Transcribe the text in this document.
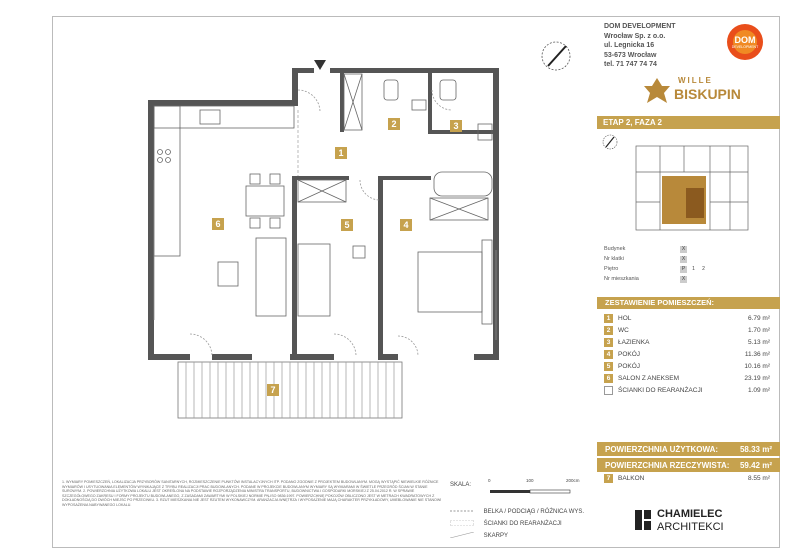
1
2	3
4
5
6
7
DOM DEVELOPMENT
Wrocław Sp. z o.o.
ul. Legnicka 16
53-673 Wrocław
tel. 71 747 74 74
DOM
DEVELOPMENT
WILLE
BISKUPIN
ETAP 2, FAZA 2
Budynek	X
Nr klatki	X
Piętro	P	1	2
Nr mieszkania	X
ZESTAWIENIE POMIESZCZEŃ:
1	HOL	6.79 m²
2	WC	1.70 m²
3	ŁAZIENKA	5.13 m²
4	POKÓJ	11.36 m²
5	POKÓJ	10.16 m²
6	SALON Z ANEKSEM	23.19 m²
ŚCIANKI DO REARANŻACJI	1.09 m²
POWIERZCHNIA UŻYTKOWA:	58.33 m²
POWIERZCHNIA RZECZYWISTA: 59.42 m²
7	BALKON	8.55 m²
1. WYMIARY POMIESZCZEŃ, LOKALIZACJA PRZYBORÓW SANITARNYCH, ROZMIESZCZENIE PUNKTÓW INSTALACYJNYCH ITP. PODANO ZGODNIE Z PROJEKTEM BUDOWLANYM. MOGĄ WYSTĄPIĆ NIEWIELKIE RÓŻNICE WYMIARÓW I USYTUOWANIA ELEMENTÓW WYNIKAJĄCE Z TRYBU REALIZACJI PRAC BUDOWLANYCH. PODANE W PROJEKCIE BUDOWLANYM WYMIARY SĄ WYMIARAMI W ŚWIETLE PRZEGRÓD ŚCIAN W STANIE SUROWYM. 2. POWIERZCHNIA UŻYTKOWA LOKALU JEST OKREŚLONA NA PODSTAWIE ROZPORZĄDZENIA MINISTRA TRANSPORTU, BUDOWNICTWA I GOSPODARKI MORSKIEJ Z 25.04.2012 R. W SPRAWIE SZCZEGÓŁOWEGO ZAKRESU I FORMY PROJEKTU BUDOWLANEGO, Z ZASADAMI ZAWARTYMI W POLSKIEJ NORMIE PN-ISO 9836:1997. POWIERZCHNIĘ POKOJÓW OBLICZONO JEST W METRACH KWADRATOWYCH Z DOKŁADNOŚCIĄ DO DWÓCH MIEJSC PO PRZECINKU. 3. RZUT MIESZKANIA NIE JEST RZUTEM WYKONAWCZYM. ARANŻACJA WNĘTRZA I WYPOSAŻENIE MAJĄ CHARAKTER PRZYKŁADOWY, UMEBLOWANIE NIE STANOWI WYPOSAŻENIA NABYWANEGO LOKALU.
SKALA:
0	100	200cm
BELKA / PODCIĄG / RÓŻNICA WYS.
ŚCIANKI DO REARANŻACJI
SKARPY
CHAMIELEC
ARCHITEKCI
